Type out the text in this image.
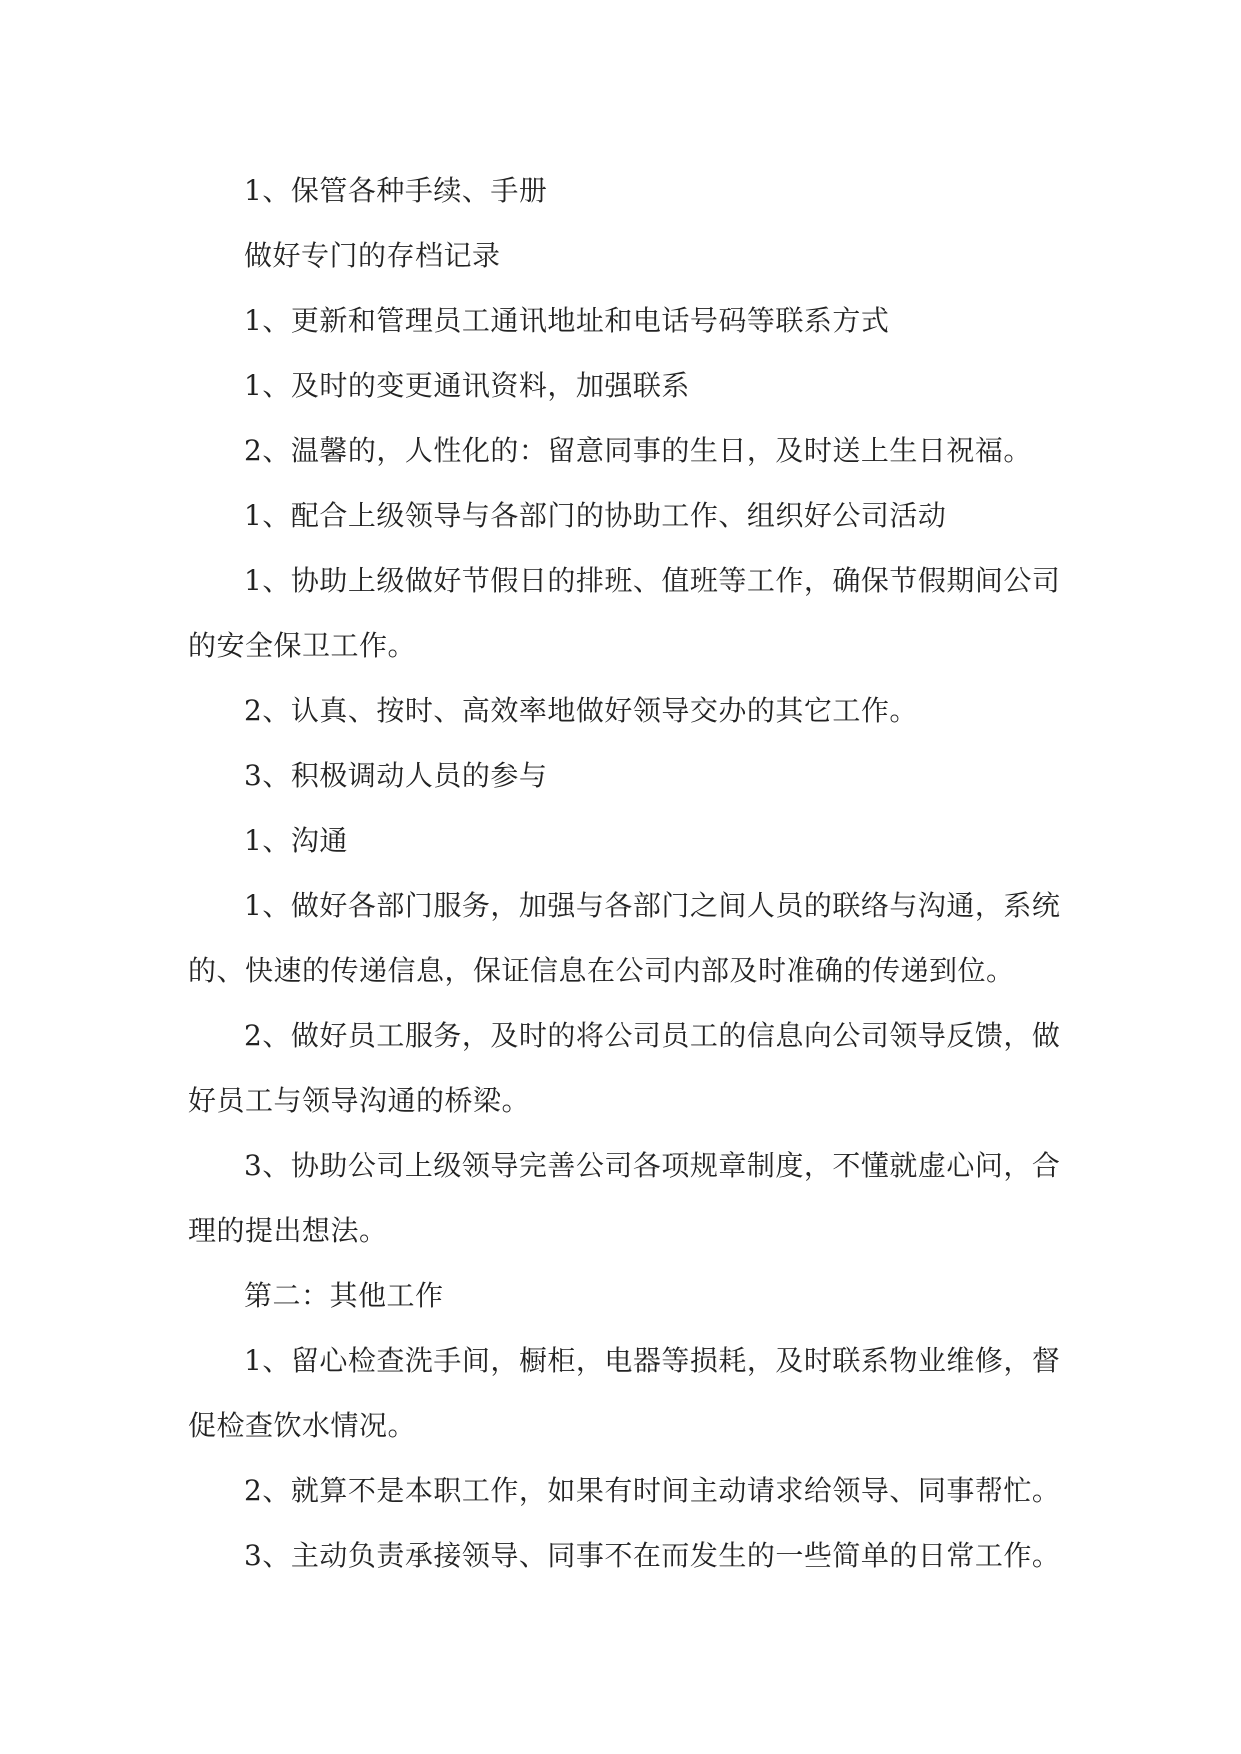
1、保管各种手续、手册

做好专门的存档记录

1、更新和管理员工通讯地址和电话号码等联系方式

1、及时的变更通讯资料，加强联系

2、温馨的，人性化的：留意同事的生日，及时送上生日祝福。

1、配合上级领导与各部门的协助工作、组织好公司活动

1、协助上级做好节假日的排班、值班等工作，确保节假期间公司的安全保卫工作。

2、认真、按时、高效率地做好领导交办的其它工作。

3、积极调动人员的参与

1、沟通

1、做好各部门服务，加强与各部门之间人员的联络与沟通，系统的、快速的传递信息，保证信息在公司内部及时准确的传递到位。

2、做好员工服务，及时的将公司员工的信息向公司领导反馈，做好员工与领导沟通的桥梁。

3、协助公司上级领导完善公司各项规章制度，不懂就虚心问，合理的提出想法。

第二：其他工作

1、留心检查洗手间，橱柜，电器等损耗，及时联系物业维修，督促检查饮水情况。

2、就算不是本职工作，如果有时间主动请求给领导、同事帮忙。

3、主动负责承接领导、同事不在而发生的一些简单的日常工作。
